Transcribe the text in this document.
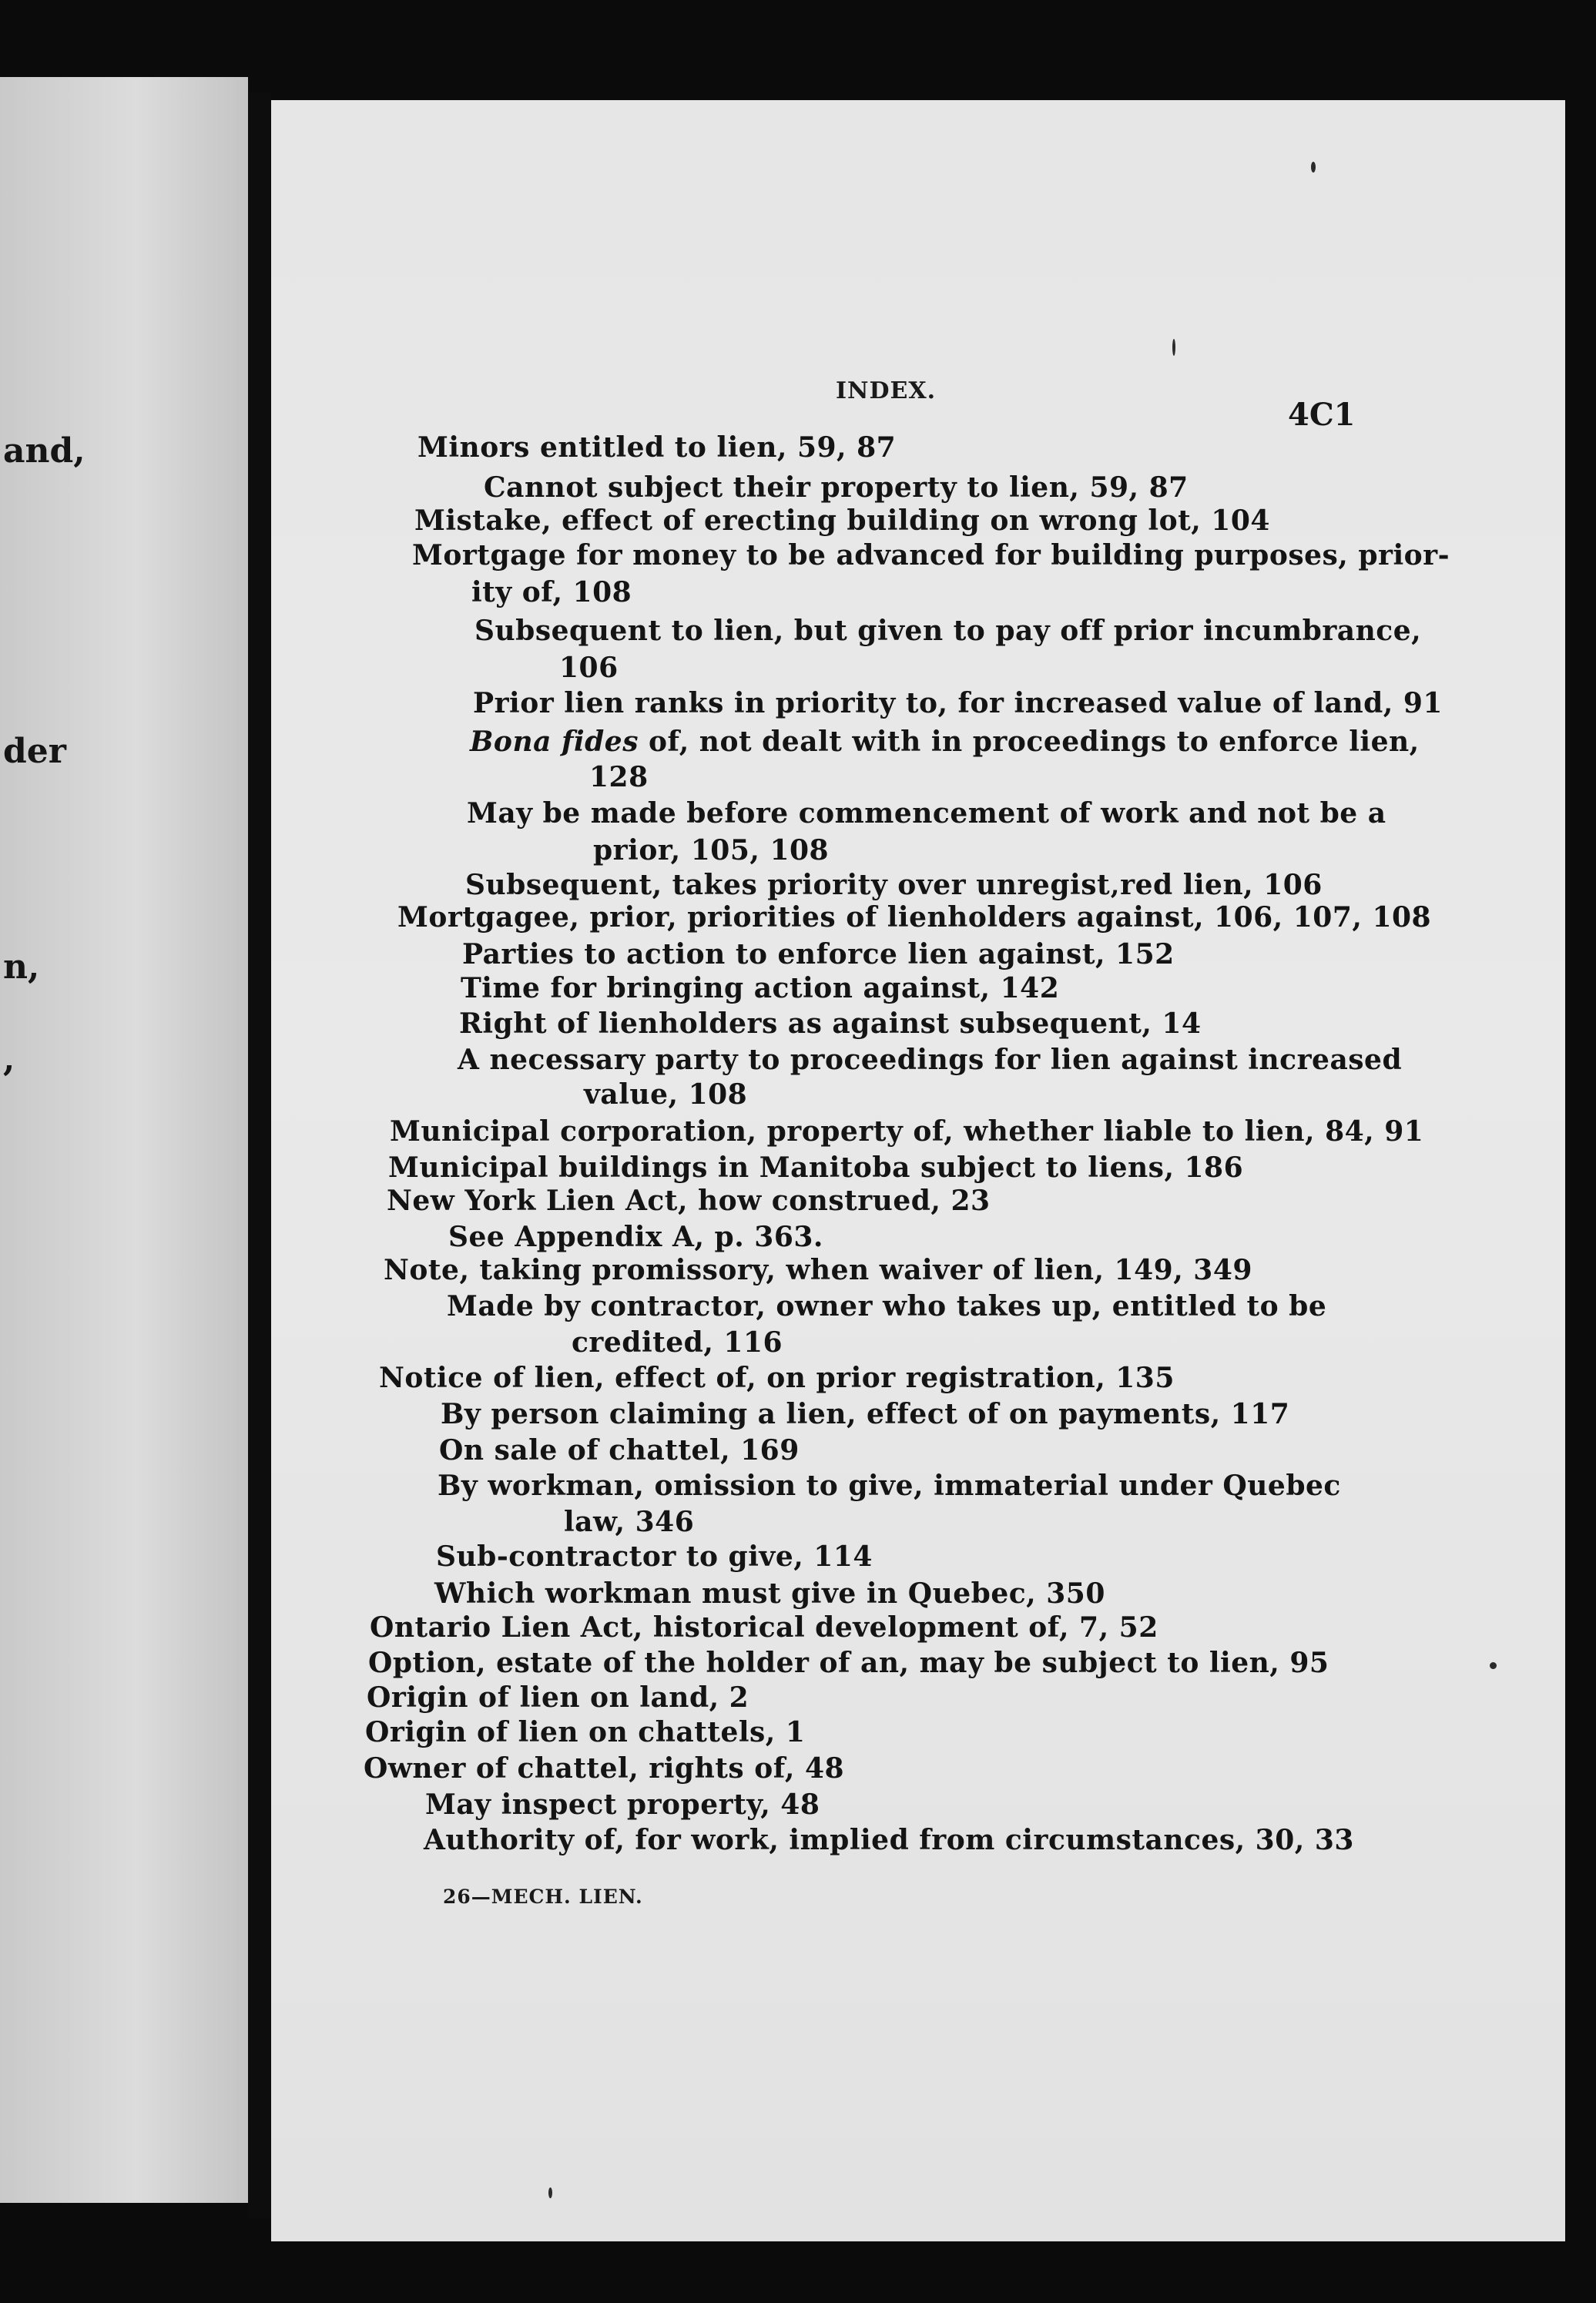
and,
der
n,
,
INDEX.
4C1
Minors entitled to lien, 59, 87
Cannot subject their property to lien, 59, 87
Mistake, effect of erecting building on wrong lot, 104
Mortgage for money to be advanced for building purposes, prior-
ity of, 108
Subsequent to lien, but given to pay off prior incumbrance,
106
Prior lien ranks in priority to, for increased value of land, 91
Bona fides of, not dealt with in proceedings to enforce lien,
128
May be made before commencement of work and not be a
prior, 105, 108
Subsequent, takes priority over unregist‚red lien, 106
Mortgagee, prior, priorities of lienholders against, 106, 107, 108
Parties to action to enforce lien against, 152
Time for bringing action against, 142
Right of lienholders as against subsequent, 14
A necessary party to proceedings for lien against increased
value, 108
Municipal corporation, property of, whether liable to lien, 84, 91
Municipal buildings in Manitoba subject to liens, 186
New York Lien Act, how construed, 23
See Appendix A, p. 363.
Note, taking promissory, when waiver of lien, 149, 349
Made by contractor, owner who takes up, entitled to be
credited, 116
Notice of lien, effect of, on prior registration, 135
By person claiming a lien, effect of on payments, 117
On sale of chattel, 169
By workman, omission to give, immaterial under Quebec
law, 346
Sub-contractor to give, 114
Which workman must give in Quebec, 350
Ontario Lien Act, historical development of, 7, 52
Option, estate of the holder of an, may be subject to lien, 95
Origin of lien on land, 2
Origin of lien on chattels, 1
Owner of chattel, rights of, 48
May inspect property, 48
Authority of, for work, implied from circumstances, 30, 33
26—MECH. LIEN.
